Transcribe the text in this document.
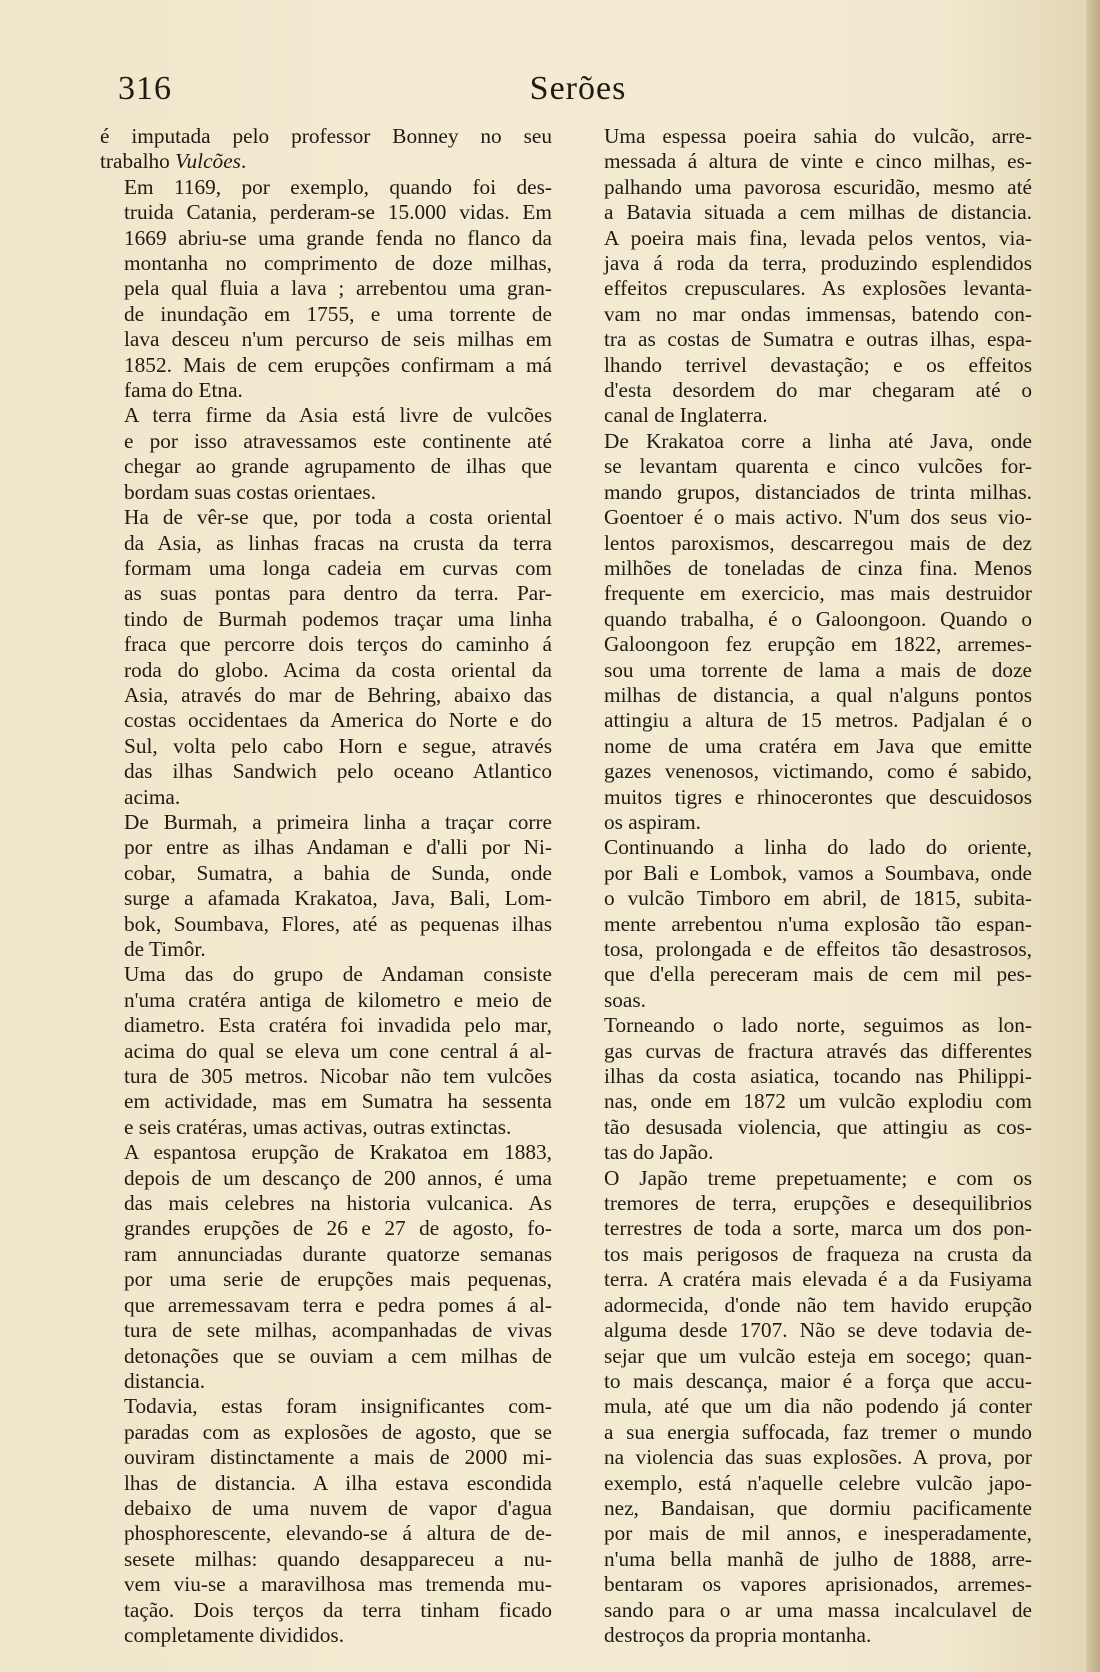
316	Serões

é imputada pelo professor Bonney no seu
trabalho Vulcões.

Em 1169, por exemplo, quando foi des-
truida Catania, perderam-se 15.000 vidas. Em
1669 abriu-se uma grande fenda no flanco da
montanha no comprimento de doze milhas,
pela qual fluia a lava ; arrebentou uma gran-
de inundação em 1755, e uma torrente de
lava desceu n'um percurso de seis milhas em
1852. Mais de cem erupções confirmam a má
fama do Etna.

A terra firme da Asia está livre de vulcões
e por isso atravessamos este continente até
chegar ao grande agrupamento de ilhas que
bordam suas costas orientaes.

Ha de vêr-se que, por toda a costa oriental
da Asia, as linhas fracas na crusta da terra
formam uma longa cadeia em curvas com
as suas pontas para dentro da terra. Par-
tindo de Burmah podemos traçar uma linha
fraca que percorre dois terços do caminho á
roda do globo. Acima da costa oriental da
Asia, através do mar de Behring, abaixo das
costas occidentaes da America do Norte e do
Sul, volta pelo cabo Horn e segue, através
das ilhas Sandwich pelo oceano Atlantico
acima.

De Burmah, a primeira linha a traçar corre
por entre as ilhas Andaman e d'alli por Ni-
cobar, Sumatra, a bahia de Sunda, onde
surge a afamada Krakatoa, Java, Bali, Lom-
bok, Soumbava, Flores, até as pequenas ilhas
de Timôr.

Uma das do grupo de Andaman consiste
n'uma cratéra antiga de kilometro e meio de
diametro. Esta cratéra foi invadida pelo mar,
acima do qual se eleva um cone central á al-
tura de 305 metros. Nicobar não tem vulcões
em actividade, mas em Sumatra ha sessenta
e seis cratéras, umas activas, outras extinctas.

A espantosa erupção de Krakatoa em 1883,
depois de um descanço de 200 annos, é uma
das mais celebres na historia vulcanica. As
grandes erupções de 26 e 27 de agosto, fo-
ram annunciadas durante quatorze semanas
por uma serie de erupções mais pequenas,
que arremessavam terra e pedra pomes á al-
tura de sete milhas, acompanhadas de vivas
detonações que se ouviam a cem milhas de
distancia.

Todavia, estas foram insignificantes com-
paradas com as explosões de agosto, que se
ouviram distinctamente a mais de 2000 mi-
lhas de distancia. A ilha estava escondida
debaixo de uma nuvem de vapor d'agua
phosphorescente, elevando-se á altura de de-
sesete milhas: quando desappareceu a nu-
vem viu-se a maravilhosa mas tremenda mu-
tação. Dois terços da terra tinham ficado
completamente divididos.

Uma espessa poeira sahia do vulcão, arre-
messada á altura de vinte e cinco milhas, es-
palhando uma pavorosa escuridão, mesmo até
a Batavia situada a cem milhas de distancia.
A poeira mais fina, levada pelos ventos, via-
java á roda da terra, produzindo esplendidos
effeitos crepusculares. As explosões levanta-
vam no mar ondas immensas, batendo con-
tra as costas de Sumatra e outras ilhas, espa-
lhando terrivel devastação; e os effeitos
d'esta desordem do mar chegaram até o
canal de Inglaterra.

De Krakatoa corre a linha até Java, onde
se levantam quarenta e cinco vulcões for-
mando grupos, distanciados de trinta milhas.
Goentoer é o mais activo. N'um dos seus vio-
lentos paroxismos, descarregou mais de dez
milhões de toneladas de cinza fina. Menos
frequente em exercicio, mas mais destruidor
quando trabalha, é o Galoongoon. Quando o
Galoongoon fez erupção em 1822, arremes-
sou uma torrente de lama a mais de doze
milhas de distancia, a qual n'alguns pontos
attingiu a altura de 15 metros. Padjalan é o
nome de uma cratéra em Java que emitte
gazes venenosos, victimando, como é sabido,
muitos tigres e rhinocerontes que descuidosos
os aspiram.

Continuando a linha do lado do oriente,
por Bali e Lombok, vamos a Soumbava, onde
o vulcão Timboro em abril, de 1815, subita-
mente arrebentou n'uma explosão tão espan-
tosa, prolongada e de effeitos tão desastrosos,
que d'ella pereceram mais de cem mil pes-
soas.

Torneando o lado norte, seguimos as lon-
gas curvas de fractura através das differentes
ilhas da costa asiatica, tocando nas Philippi-
nas, onde em 1872 um vulcão explodiu com
tão desusada violencia, que attingiu as cos-
tas do Japão.

O Japão treme prepetuamente; e com os
tremores de terra, erupções e desequilibrios
terrestres de toda a sorte, marca um dos pon-
tos mais perigosos de fraqueza na crusta da
terra. A cratéra mais elevada é a da Fusiyama
adormecida, d'onde não tem havido erupção
alguma desde 1707. Não se deve todavia de-
sejar que um vulcão esteja em socego; quan-
to mais descança, maior é a força que accu-
mula, até que um dia não podendo já conter
a sua energia suffocada, faz tremer o mundo
na violencia das suas explosões. A prova, por
exemplo, está n'aquelle celebre vulcão japo-
nez, Bandaisan, que dormiu pacificamente
por mais de mil annos, e inesperadamente,
n'uma bella manhã de julho de 1888, arre-
bentaram os vapores aprisionados, arremes-
sando para o ar uma massa incalculavel de
destroços da propria montanha.
